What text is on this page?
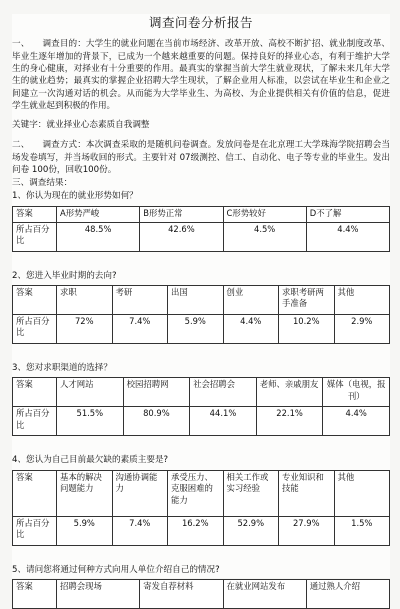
调查问卷分析报告

一、　　调查目的：大学生的就业问题在当前市场经济、改革开放、高校不断扩招、就业制度改革、毕业生逐年增加的背景下，已成为一个越来越重要的问题。保持良好的择业心态，有利于维护大学生的身心健康，对择业有十分重要的作用。最真实的掌握当前大学生就业现状，了解未来几年大学生的就业趋势；最真实的掌握企业招聘大学生现状，了解企业用人标准，以尝试在毕业生和企业之间建立一次沟通对话的机会。从而能为大学毕业生、为高校、为企业提供相关有价值的信息，促进学生就业起到积极的作用。

关键字：就业择业心态素质自我调整

二、　　调查方式：本次调查采取的是随机问卷调查。发放问卷是在北京理工大学珠海学院招聘会当场发卷填写，并当场收回的形式。主要针对 07级测控、信工、自动化、电子等专业的毕业生。发出问卷 100份，回收100份。

三、调查结果：

1、你认为现在的就业形势如何？
答案	A形势严峻	B形势正常	C形势较好	D不了解

所占百分比	48.5%	42.6%	4.5%	4.4%
2、您进入毕业时期的去向?
答案	求职	考研	出国	创业	求职考研两手准备	其他

所占百分比	72%	7.4%	5.9%	4.4%	10.2%	2.9%
3、您对求职渠道的选择？
答案	人才网站	校园招聘网	社会招聘会	老师、亲戚朋友	媒体（电视，报刊）

所占百分比	51.5%	80.9%	44.1%	22.1%	4.4%
4、您认为自己目前最欠缺的素质主要是?
答案	基本的解决问题能力	沟通协调能力	承受压力、克服困难的能力	相关工作或实习经验	专业知识和技能	其他

所占百分比	5.9%	7.4%	16.2%	52.9%	27.9%	1.5%
5、请问您将通过何种方式向用人单位介绍自己的情况?
答案	招聘会现场	寄发自荐材料	在就业网站发布	通过熟人介绍
